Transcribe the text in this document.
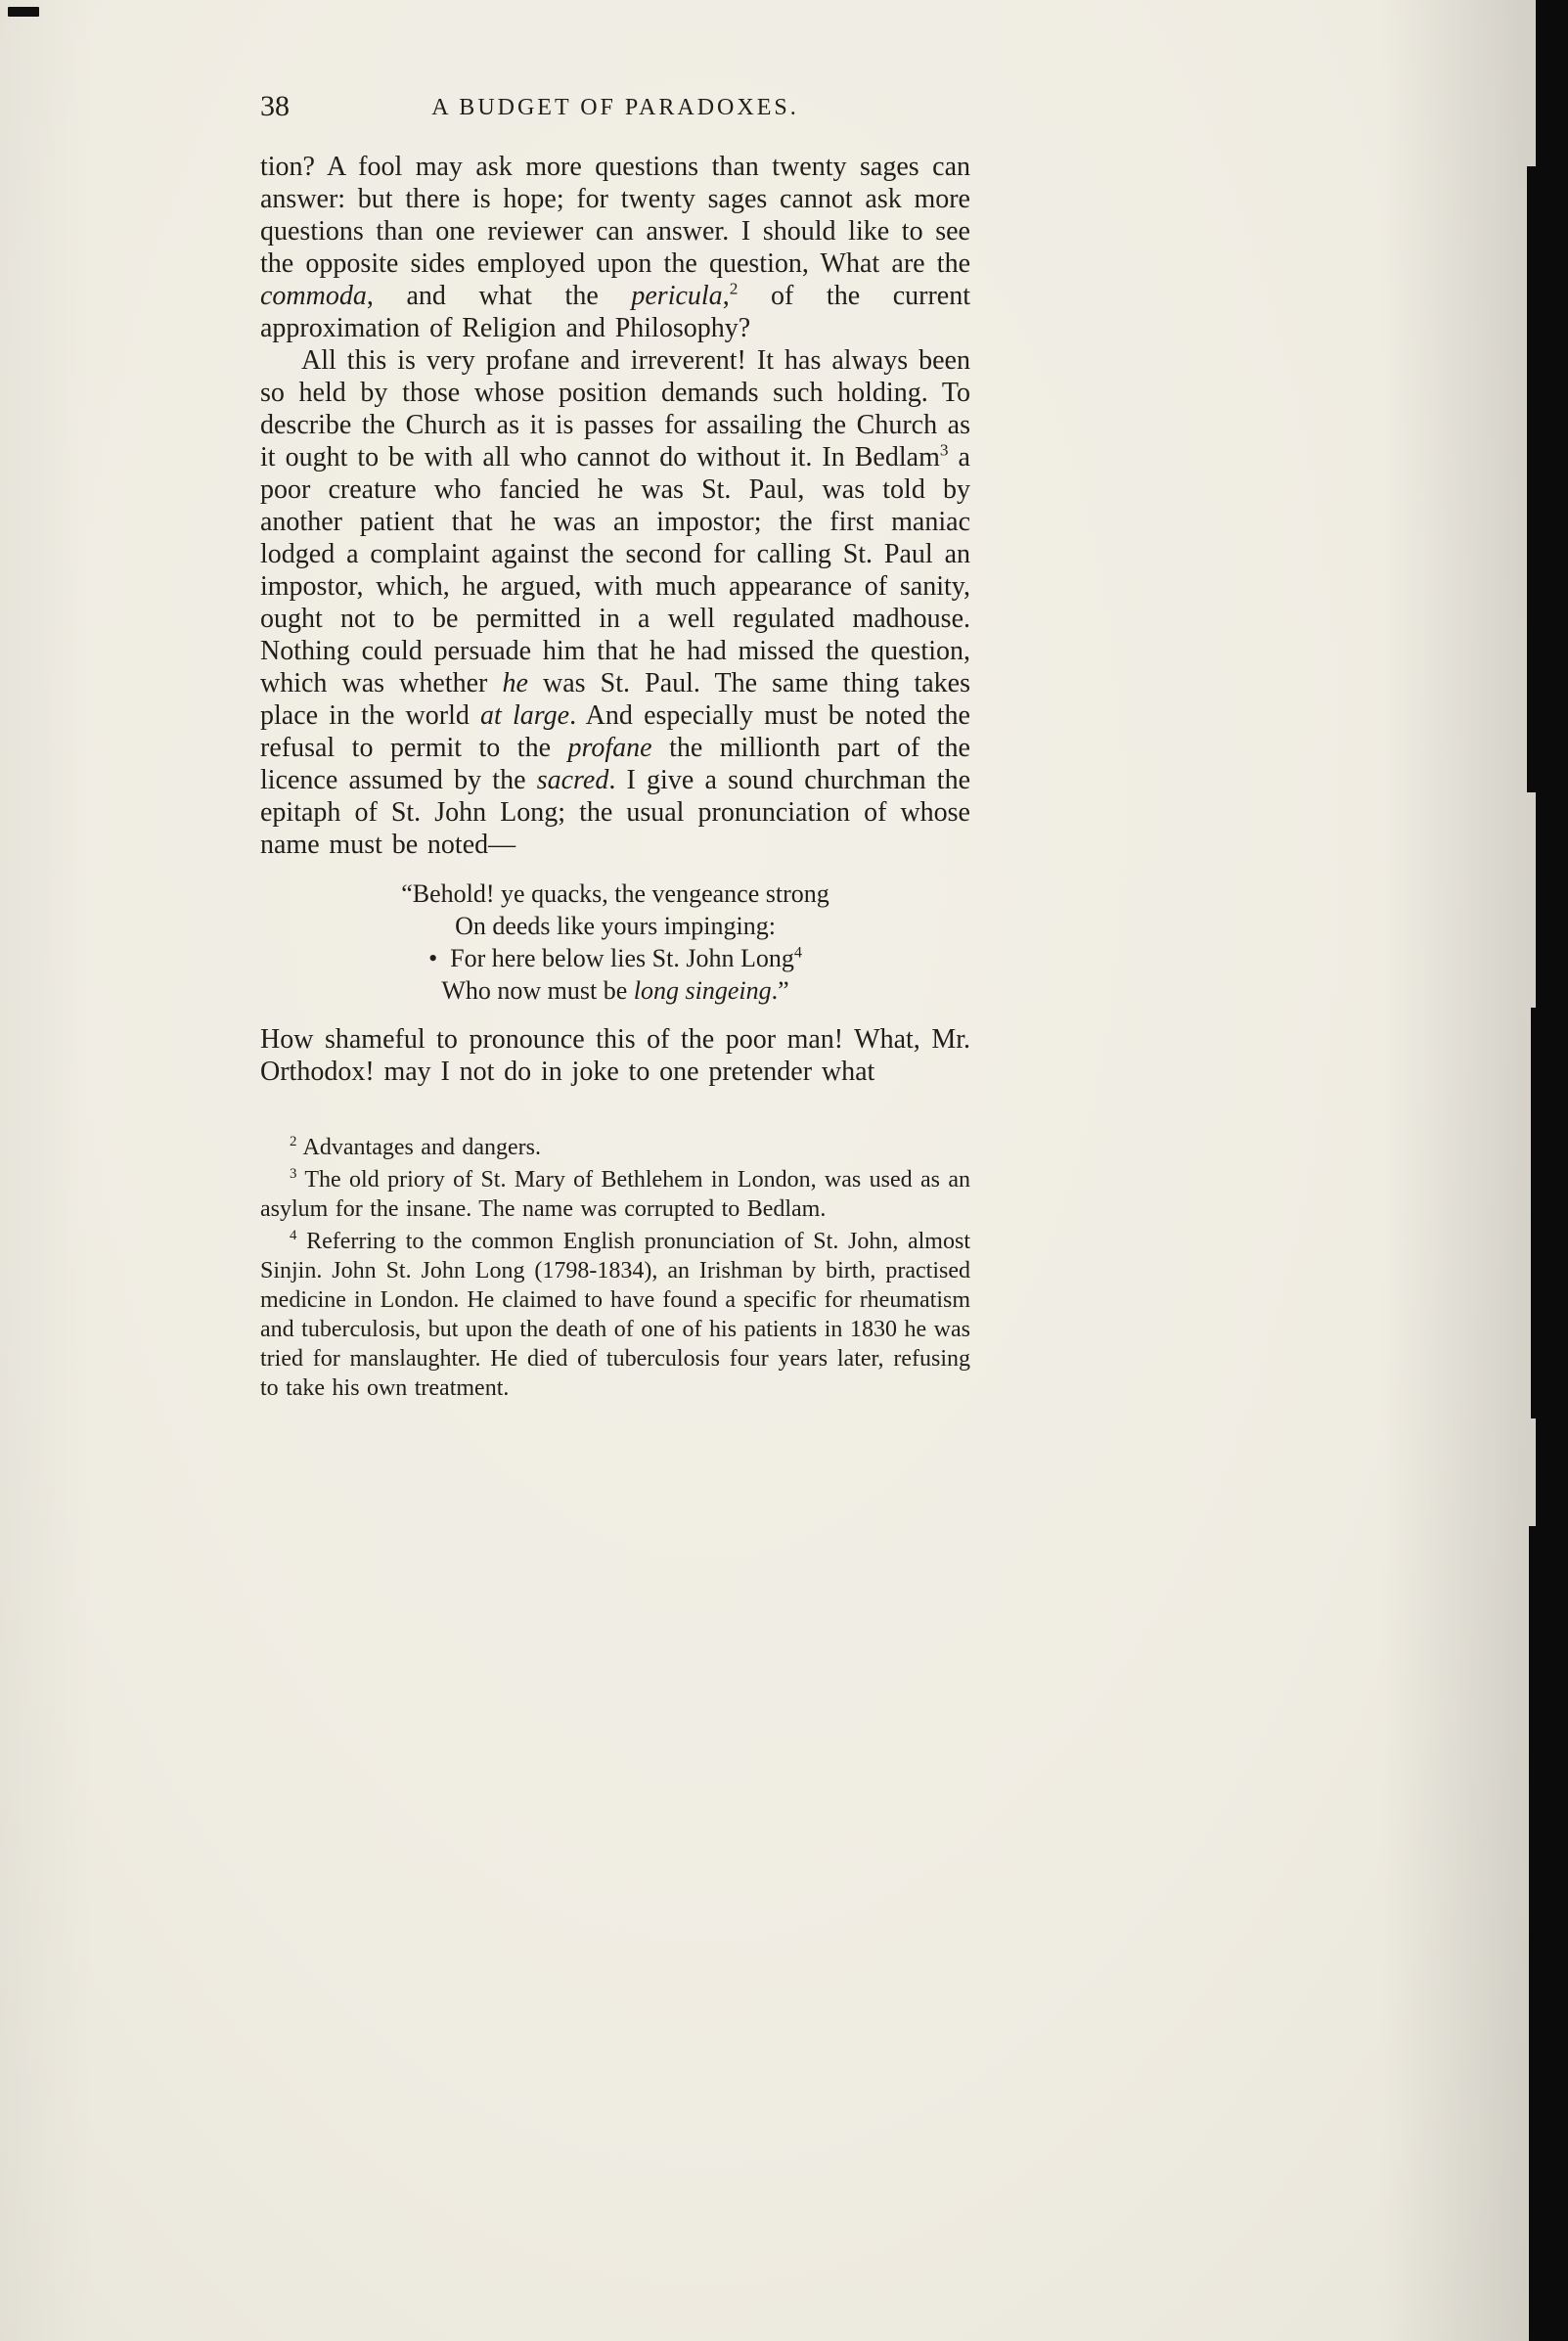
38	A BUDGET OF PARADOXES.

tion? A fool may ask more questions than twenty sages can answer: but there is hope; for twenty sages cannot ask more questions than one reviewer can answer. I should like to see the opposite sides employed upon the question, What are the commoda, and what the pericula,$^2$ of the current approximation of Religion and Philosophy?

All this is very profane and irreverent! It has always been so held by those whose position demands such holding. To describe the Church as it is passes for assailing the Church as it ought to be with all who cannot do without it. In Bedlam$^3$ a poor creature who fancied he was St. Paul, was told by another patient that he was an impostor; the first maniac lodged a complaint against the second for calling St. Paul an impostor, which, he argued, with much appearance of sanity, ought not to be permitted in a well regulated madhouse. Nothing could persuade him that he had missed the question, which was whether he was St. Paul. The same thing takes place in the world at large. And especially must be noted the refusal to permit to the profane the millionth part of the licence assumed by the sacred. I give a sound churchman the epitaph of St. John Long; the usual pronunciation of whose name must be noted—

“Behold! ye quacks, the vengeance strong
On deeds like yours impinging:
•  For here below lies St. John Long$^4$
Who now must be long singeing.”

How shameful to pronounce this of the poor man! What, Mr. Orthodox! may I not do in joke to one pretender what

$^2$ Advantages and dangers.

$^3$ The old priory of St. Mary of Bethlehem in London, was used as an asylum for the insane. The name was corrupted to Bedlam.

$^4$ Referring to the common English pronunciation of St. John, almost Sinjin. John St. John Long (1798-1834), an Irishman by birth, practised medicine in London. He claimed to have found a specific for rheumatism and tuberculosis, but upon the death of one of his patients in 1830 he was tried for manslaughter. He died of tuberculosis four years later, refusing to take his own treatment.
